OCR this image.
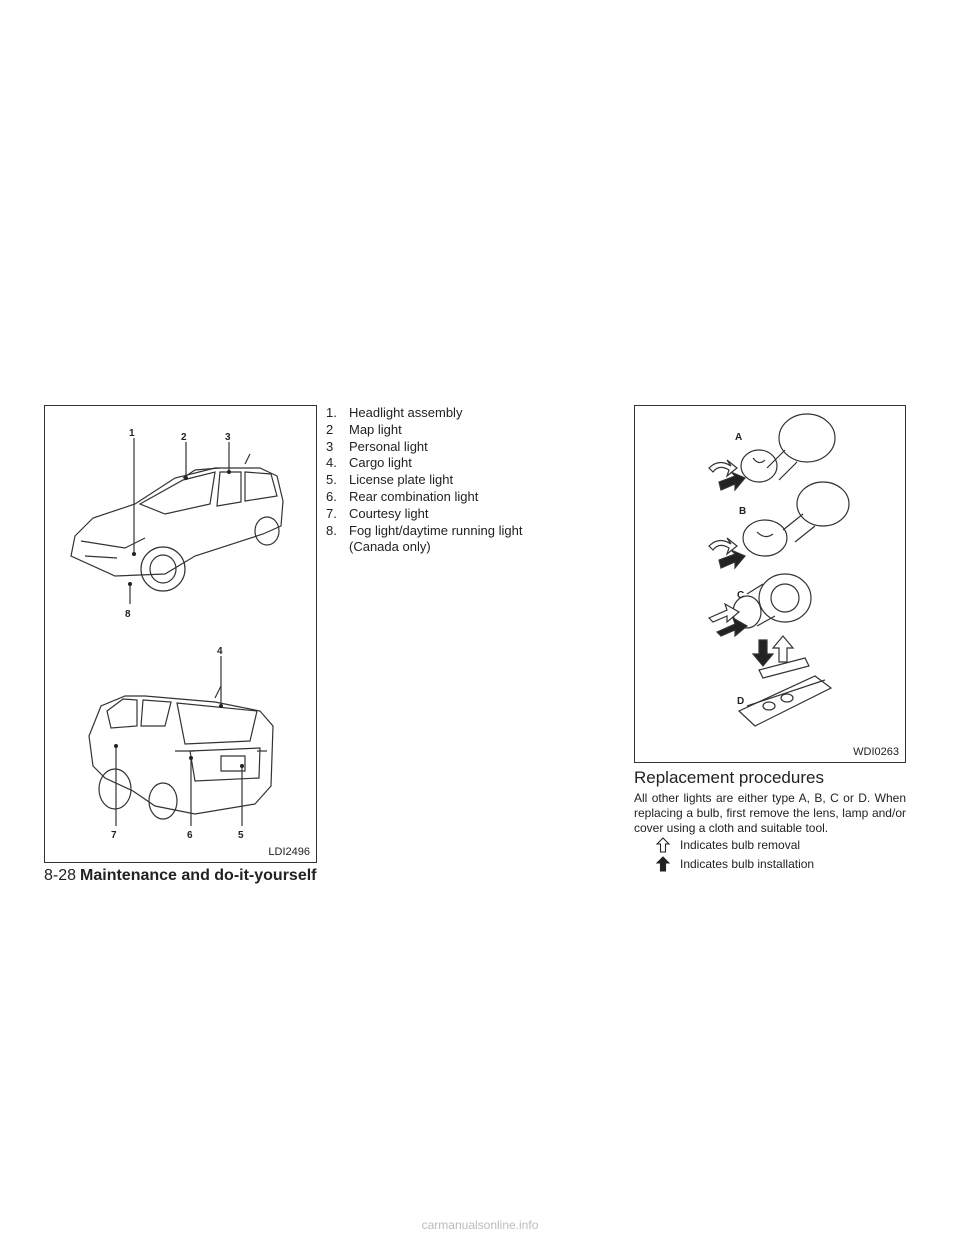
1	2	3
4
5
6
7
8
LDI2496
1. Headlight assembly
2	Map light
3	Personal light
4. Cargo light
5. License plate light
6. Rear combination light
7. Courtesy light
8. Fog light/daytime running light
(Canada only)
A
B
C
D
WDI0263
Replacement procedures

All other lights are either type A, B, C or D. When replacing a bulb, first remove the lens, lamp and/or cover using a cloth and suitable tool.

Indicates bulb removal
Indicates bulb installation
8-28 Maintenance and do-it-yourself
carmanualsonline.info
